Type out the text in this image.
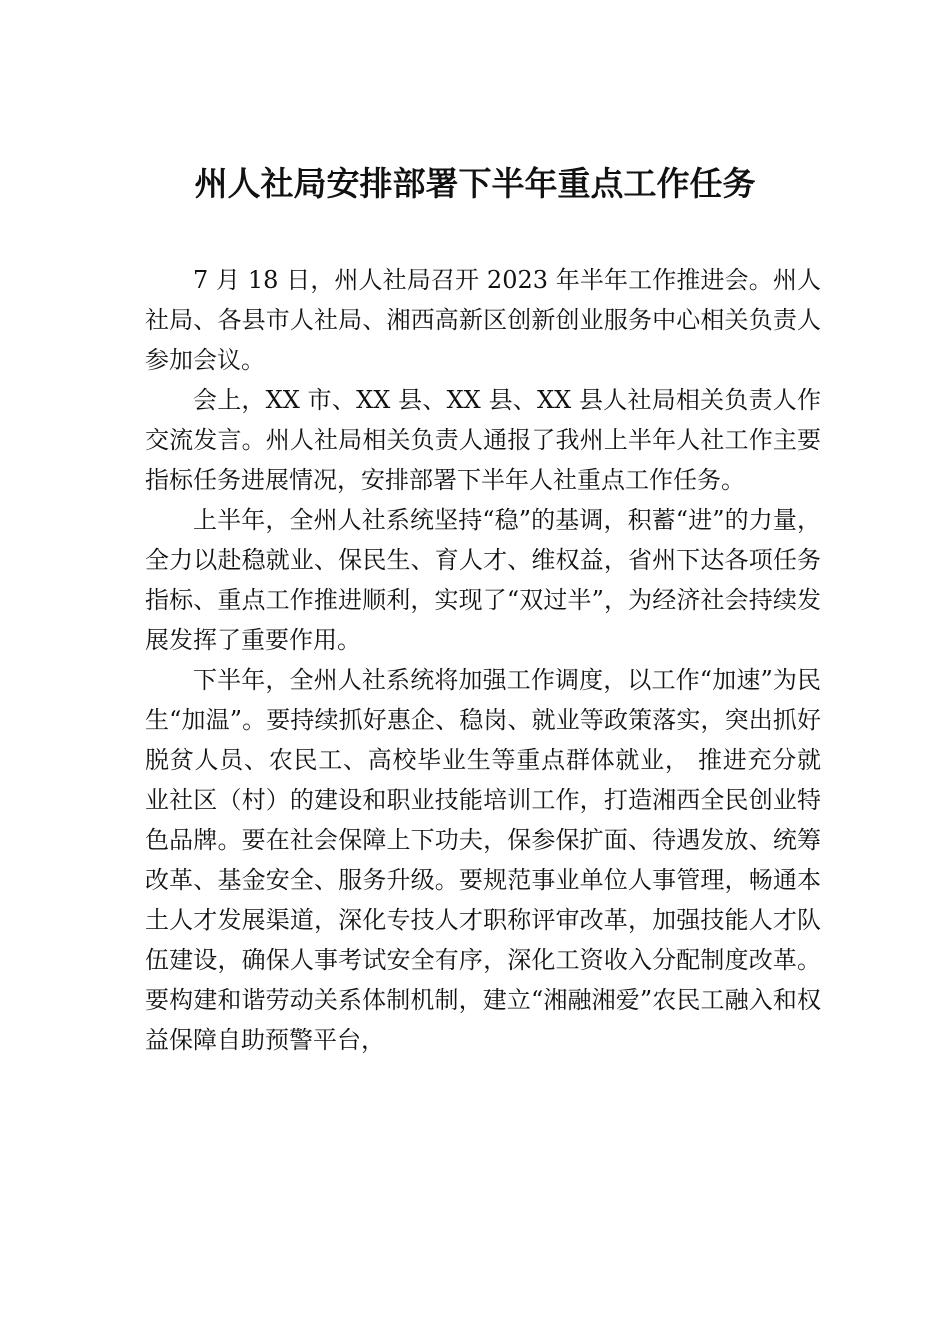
州人社局安排部署下半年重点工作任务

7 月 18 日，州人社局召开 2023 年半年工作推进会。州人社局、各县市人社局、湘西高新区创新创业服务中心相关负责人参加会议。

会上，XX 市、XX 县、XX 县、XX 县人社局相关负责人作交流发言。州人社局相关负责人通报了我州上半年人社工作主要指标任务进展情况，安排部署下半年人社重点工作任务。

上半年，全州人社系统坚持“稳”的基调，积蓄“进”的力量，全力以赴稳就业、保民生、育人才、维权益，省州下达各项任务指标、重点工作推进顺利，实现了“双过半”，为经济社会持续发展发挥了重要作用。

下半年，全州人社系统将加强工作调度，以工作“加速”为民生“加温”。要持续抓好惠企、稳岗、就业等政策落实，突出抓好脱贫人员、农民工、高校毕业生等重点群体就业， 推进充分就业社区（村）的建设和职业技能培训工作，打造湘西全民创业特色品牌。要在社会保障上下功夫，保参保扩面、待遇发放、统筹改革、基金安全、服务升级。要规范事业单位人事管理，畅通本土人才发展渠道，深化专技人才职称评审改革，加强技能人才队伍建设，确保人事考试安全有序，深化工资收入分配制度改革。要构建和谐劳动关系体制机制，建立“湘融湘爱”农民工融入和权益保障自助预警平台，
